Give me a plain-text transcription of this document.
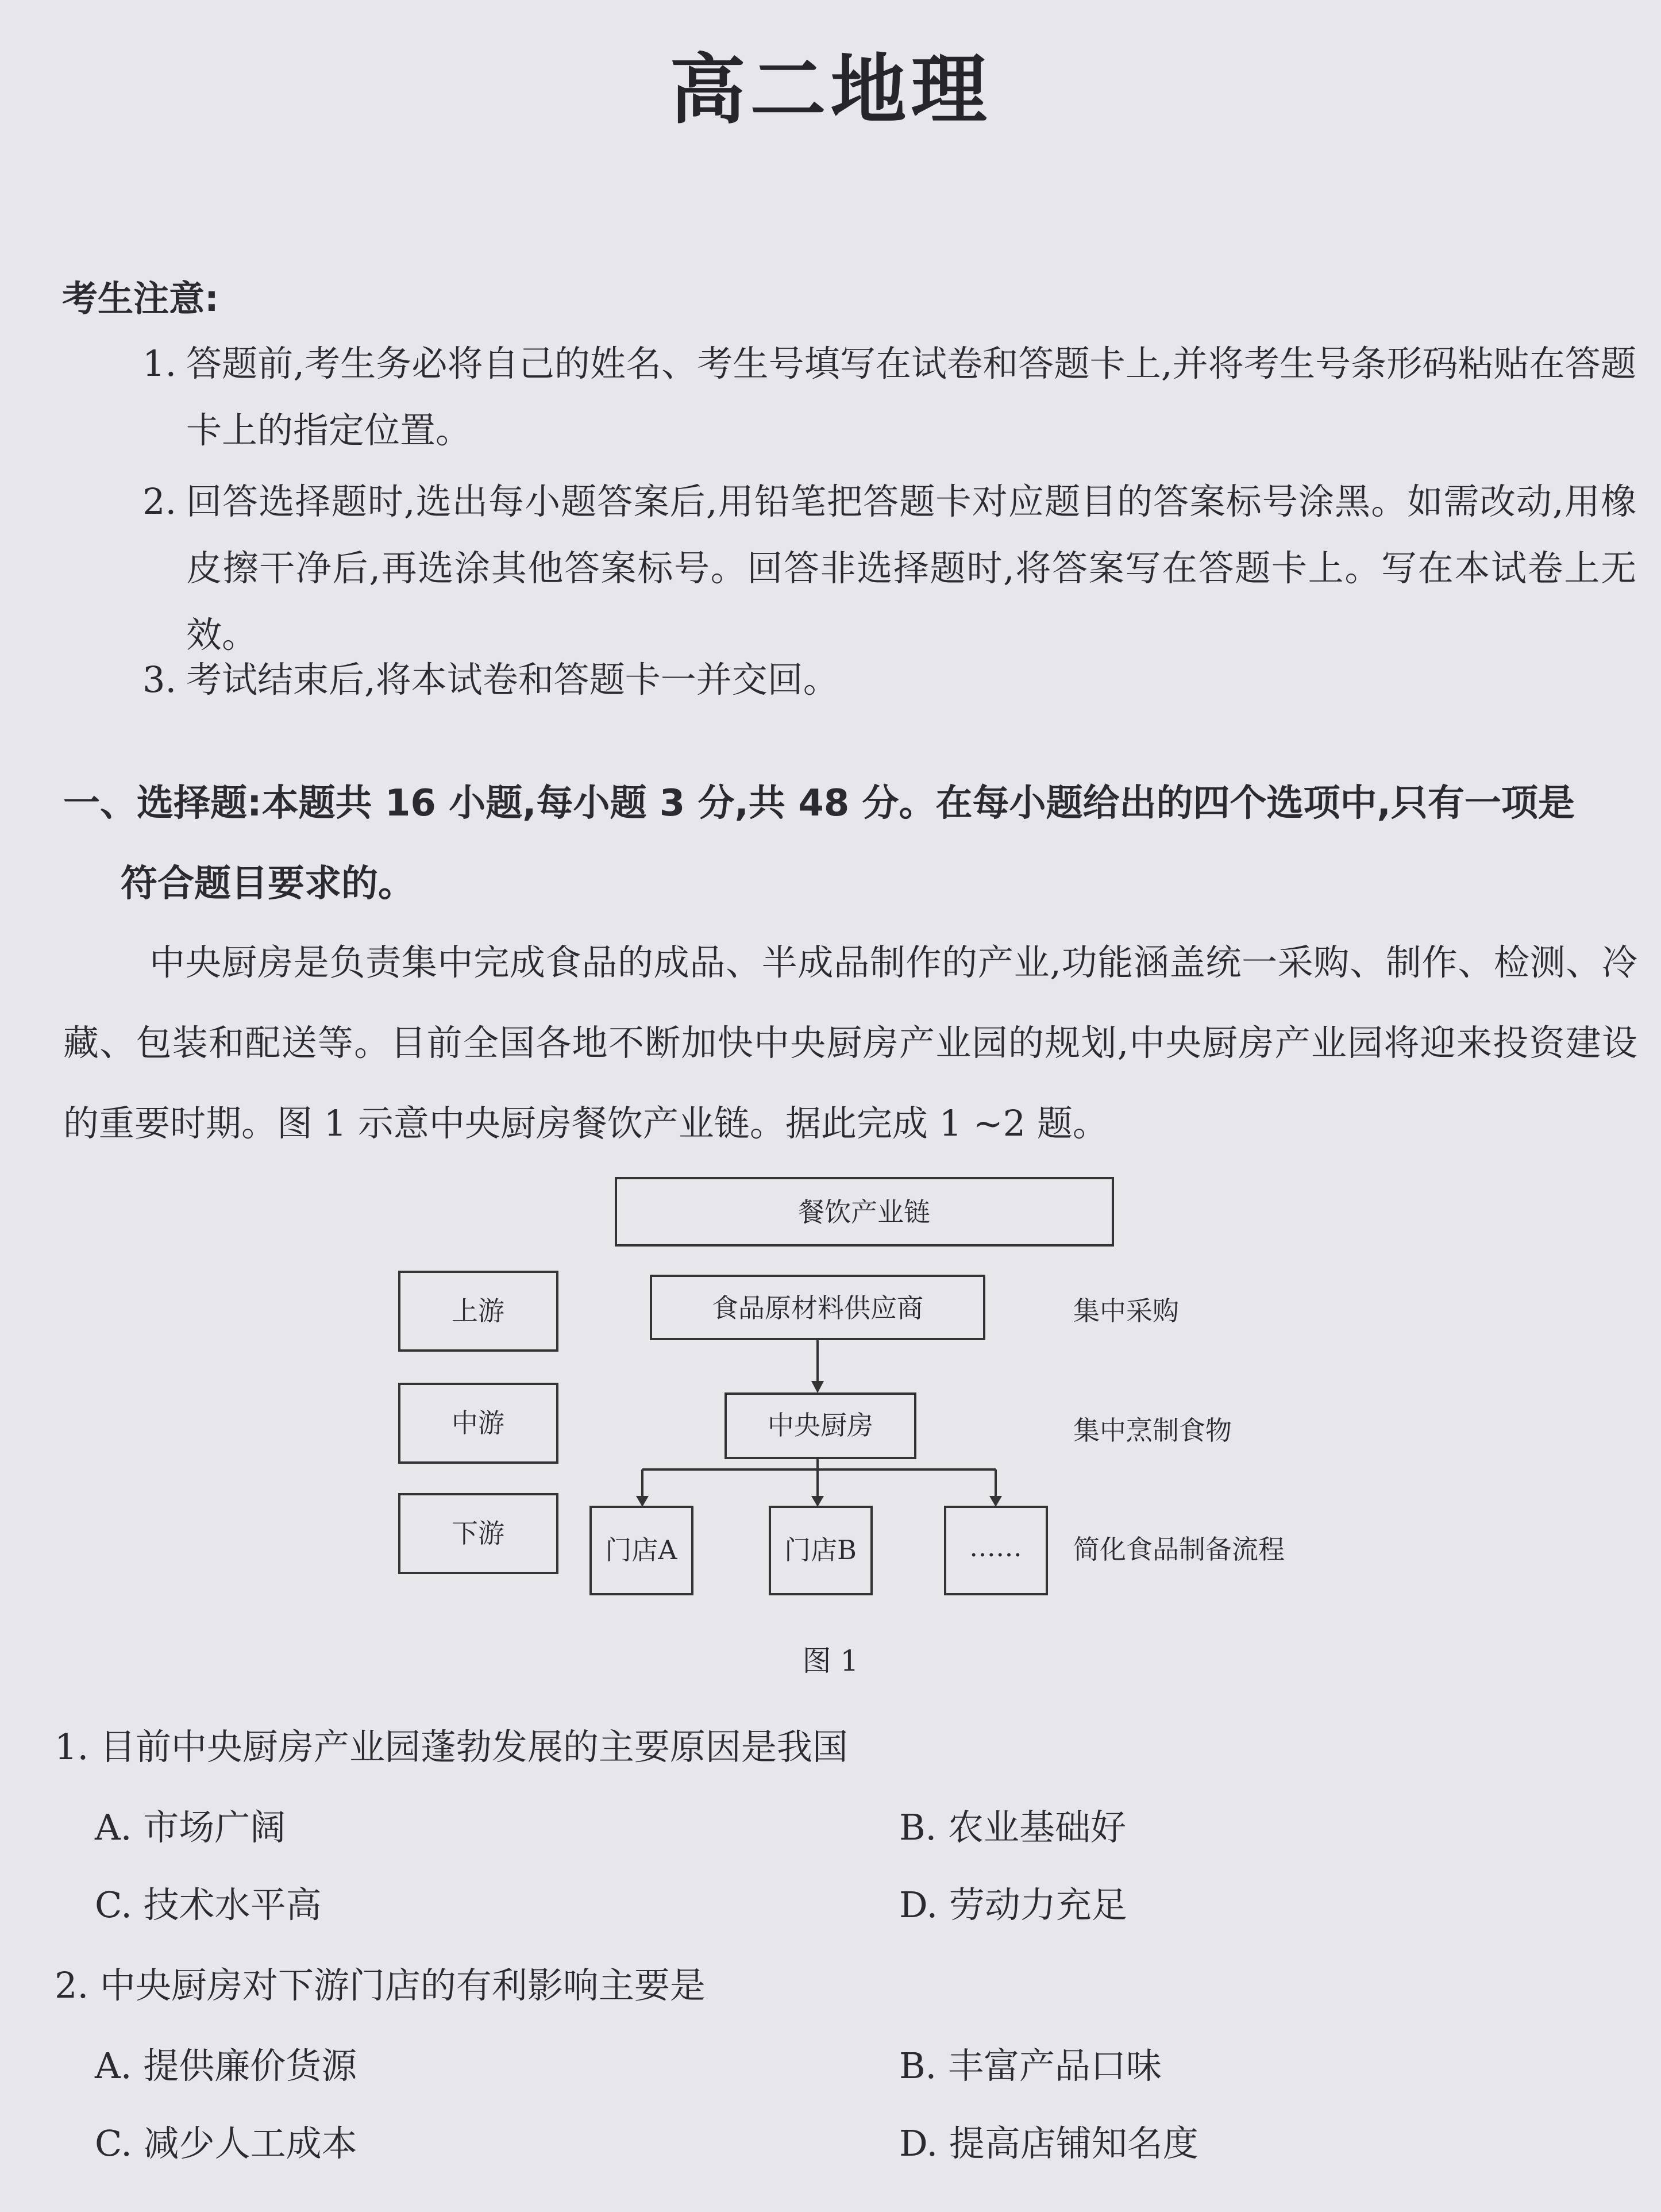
高二地理
考生注意:
1. 答题前,考生务必将自己的姓名、考生号填写在试卷和答题卡上,并将考生号条形码粘贴在答题卡上的指定位置。
2. 回答选择题时,选出每小题答案后,用铅笔把答题卡对应题目的答案标号涂黑。如需改动,用橡皮擦干净后,再选涂其他答案标号。回答非选择题时,将答案写在答题卡上。写在本试卷上无效。
3. 考试结束后,将本试卷和答题卡一并交回。
一、选择题:本题共 16 小题,每小题 3 分,共 48 分。在每小题给出的四个选项中,只有一项是
符合题目要求的。
中央厨房是负责集中完成食品的成品、半成品制作的产业,功能涵盖统一采购、制作、检测、冷藏、包装和配送等。目前全国各地不断加快中央厨房产业园的规划,中央厨房产业园将迎来投资建设的重要时期。图 1 示意中央厨房餐饮产业链。据此完成 1 ~2 题。
餐饮产业链
上游
中游
下游
食品原材料供应商
中央厨房
门店A	门店B	……
集中采购
集中烹制食物
简化食品制备流程
图 1
1. 目前中央厨房产业园蓬勃发展的主要原因是我国
A. 市场广阔	B. 农业基础好
C. 技术水平高	D. 劳动力充足
2. 中央厨房对下游门店的有利影响主要是
A. 提供廉价货源	B. 丰富产品口味
C. 减少人工成本	D. 提高店铺知名度
